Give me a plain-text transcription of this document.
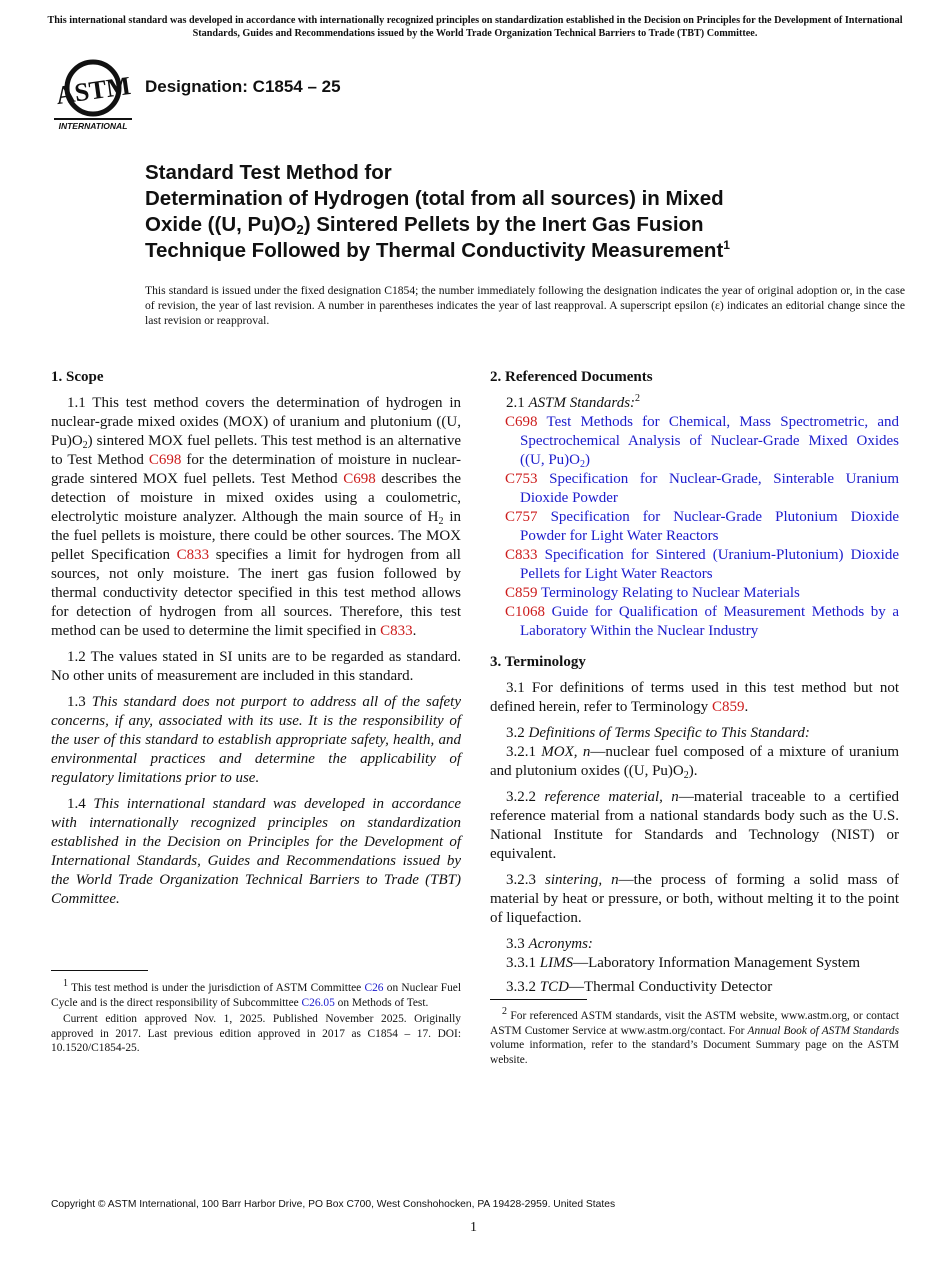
This international standard was developed in accordance with internationally recognized principles on standardization established in the Decision on Principles for the Development of International Standards, Guides and Recommendations issued by the World Trade Organization Technical Barriers to Trade (TBT) Committee.
ASTM
INTERNATIONAL
Designation: C1854 – 25
Standard Test Method for
Determination of Hydrogen (total from all sources) in Mixed
Oxide ((U, $Pu)O_2$) Sintered Pellets by the Inert Gas Fusion
Technique Followed by Thermal Conductivity Measurement$^1$
This standard is issued under the fixed designation C1854; the number immediately following the designation indicates the year of original adoption or, in the case of revision, the year of last revision. A number in parentheses indicates the year of last reapproval. A superscript epsilon (ε) indicates an editorial change since the last revision or reapproval.
1. Scope

1.1 This test method covers the determination of hydrogen in nuclear-grade mixed oxides (MOX) of uranium and plutonium ((U, $Pu)O_2$) sintered MOX fuel pellets. This test method is an alternative to Test Method C698 for the determination of moisture in nuclear-grade sintered MOX fuel pellets. Test Method C698 describes the detection of moisture in mixed oxides using a coulometric, electrolytic moisture analyzer. Although the main source of $H_2$ in the fuel pellets is moisture, there could be other sources. The MOX pellet Specification C833 specifies a limit for hydrogen from all sources, not only moisture. The inert gas fusion followed by thermal conductivity detector specified in this test method allows for detection of hydrogen from all sources. Therefore, this test method can be used to determine the limit specified in C833.

1.2 The values stated in SI units are to be regarded as standard. No other units of measurement are included in this standard.

1.3 This standard does not purport to address all of the safety concerns, if any, associated with its use. It is the responsibility of the user of this standard to establish appropriate safety, health, and environmental practices and determine the applicability of regulatory limitations prior to use.

1.4 This international standard was developed in accordance with internationally recognized principles on standardization established in the Decision on Principles for the Development of International Standards, Guides and Recommendations issued by the World Trade Organization Technical Barriers to Trade (TBT) Committee.

$^1$ This test method is under the jurisdiction of ASTM Committee C26 on Nuclear Fuel Cycle and is the direct responsibility of Subcommittee C26.05 on Methods of Test.

Current edition approved Nov. 1, 2025. Published November 2025. Originally approved in 2017. Last previous edition approved in 2017 as C1854 – 17. DOI: 10.1520/C1854-25.

2. Referenced Documents

2.1 ASTM Standards:$^2$

C698 Test Methods for Chemical, Mass Spectrometric, and Spectrochemical Analysis of Nuclear-Grade Mixed Oxides ((U, $Pu)O_2$)
C753 Specification for Nuclear-Grade, Sinterable Uranium Dioxide Powder
C757 Specification for Nuclear-Grade Plutonium Dioxide Powder for Light Water Reactors
C833 Specification for Sintered (Uranium-Plutonium) Dioxide Pellets for Light Water Reactors
C859 Terminology Relating to Nuclear Materials
C1068 Guide for Qualification of Measurement Methods by a Laboratory Within the Nuclear Industry
3. Terminology

3.1 For definitions of terms used in this test method but not defined herein, refer to Terminology C859.

3.2 Definitions of Terms Specific to This Standard:

3.2.1 MOX, n—nuclear fuel composed of a mixture of uranium and plutonium oxides ((U, $Pu)O_2$).

3.2.2 reference material, n—material traceable to a certified reference material from a national standards body such as the U.S. National Institute for Standards and Technology (NIST) or equivalent.

3.2.3 sintering, n—the process of forming a solid mass of material by heat or pressure, or both, without melting it to the point of liquefaction.

3.3 Acronyms:

3.3.1 LIMS—Laboratory Information Management System

3.3.2 TCD—Thermal Conductivity Detector

$^2$ For referenced ASTM standards, visit the ASTM website, www.astm.org, or contact ASTM Customer Service at www.astm.org/contact. For Annual Book of ASTM Standards volume information, refer to the standard’s Document Summary page on the ASTM website.

Copyright © ASTM International, 100 Barr Harbor Drive, PO Box C700, West Conshohocken, PA 19428-2959. United States
1
